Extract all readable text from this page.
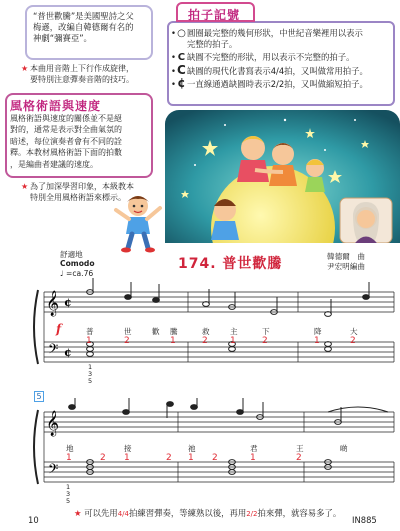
“普世歡騰”是美國聖詩之父
梅遜，改編自韓德爾有名的
神劇“彌賽亞”。
★ 本曲用音階上下行作成旋律，
要特別注意彈奏音階的技巧。
風格術語與速度
風格術語與速度的關係並不是絕
對的，通常是表示對全曲氣氛的
暗述，每位演奏者會有不同的詮
釋。本教材風格術語下面的拍數
，是編曲者建議的速度。
★ 為了加深學習印象，本級教本
特別全用風格術語來標示。
拍子記號
•○圓圈最完整的幾何形狀，中世紀音樂裡用以表示
完整的拍子。
• C 缺圓不完整的形狀，用以表示不完整的拍子。
•C缺圓的現代化書寫表示4/4拍，又叫做常用拍子。
•¢一直線通過缺圓時表示2/2拍，又叫做縮短拍子。
舒適地
Comodo
♩ =ca.76
174. 普世歡騰	韓德爾　曲
尹宏明編曲
𝄞
𝄢
¢
¢
f	普	世	歡 騰	救	主	下	降	大
1	2	1	2 1	2	1	2
1
3
5
5
𝄞
𝄢
地	接	祂	君	王	啲
1	2 1	2 1 2	1	2
1
3
5
10
★ 可以先用4/4拍練習彈奏，等練熟以後，再用2/2拍來彈，就容易多了。
IN885
